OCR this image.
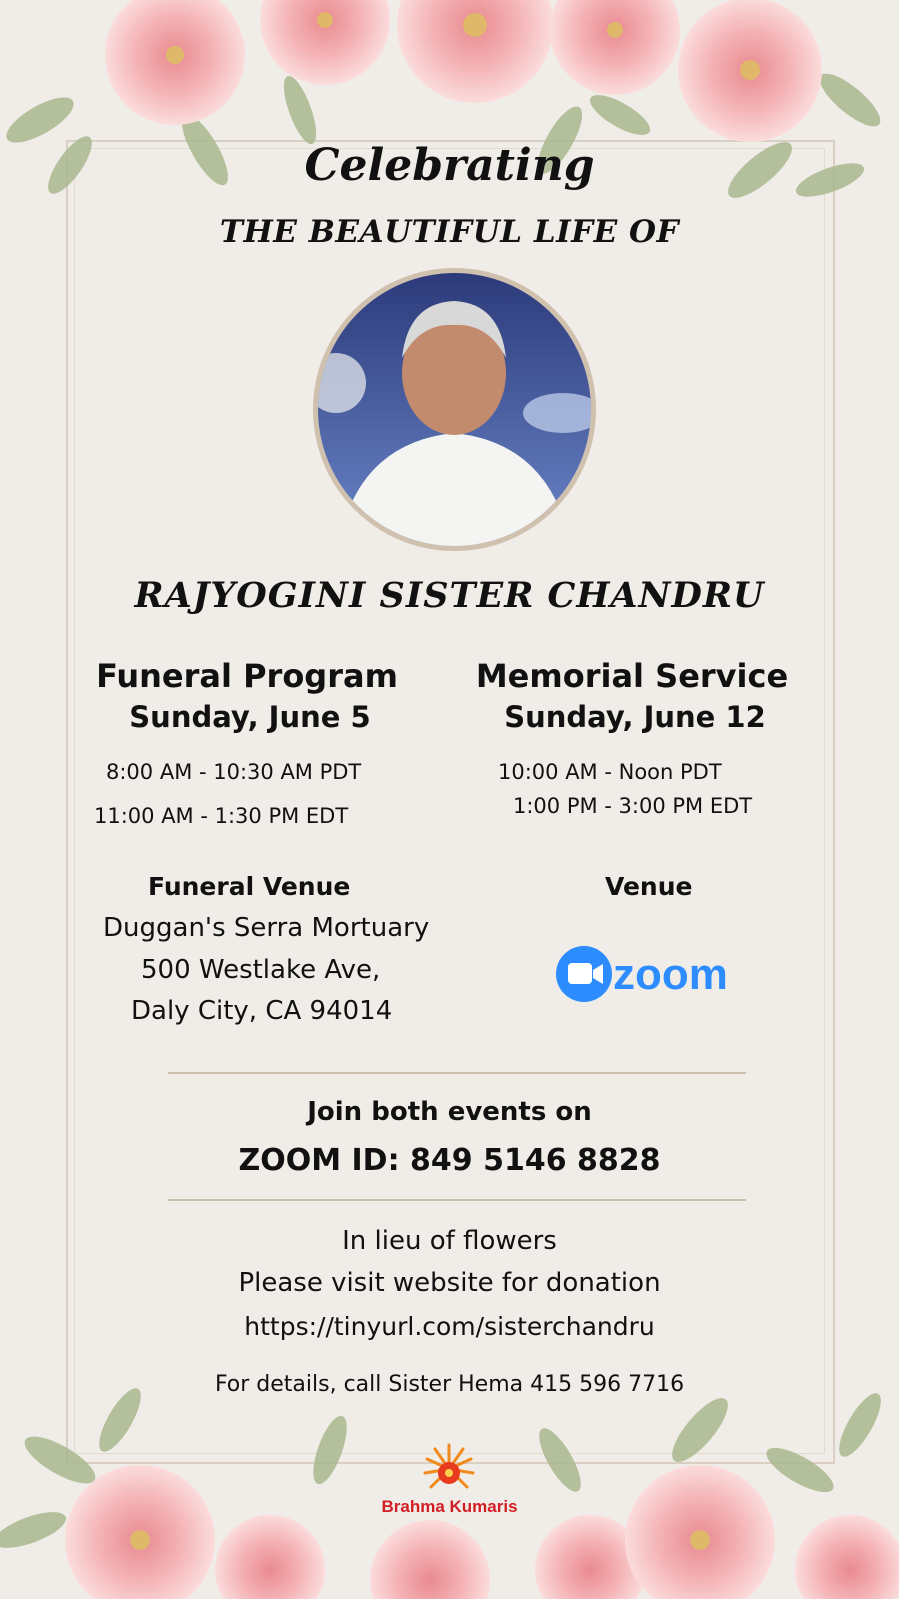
Celebrating
THE BEAUTIFUL LIFE OF
RAJYOGINI SISTER CHANDRU
Funeral Program
Sunday, June 5
8:00 AM - 10:30 AM PDT
11:00 AM - 1:30 PM EDT
Memorial Service
Sunday, June 12
10:00 AM - Noon PDT
1:00 PM - 3:00 PM EDT
Funeral Venue
Duggan's Serra Mortuary
500 Westlake Ave,
Daly City, CA 94014
Venue
zoom
Join both events on
ZOOM ID: 849 5146 8828
In lieu of flowers
Please visit website for donation
https://tinyurl.com/sisterchandru
For details, call Sister Hema 415 596 7716
Brahma Kumaris
